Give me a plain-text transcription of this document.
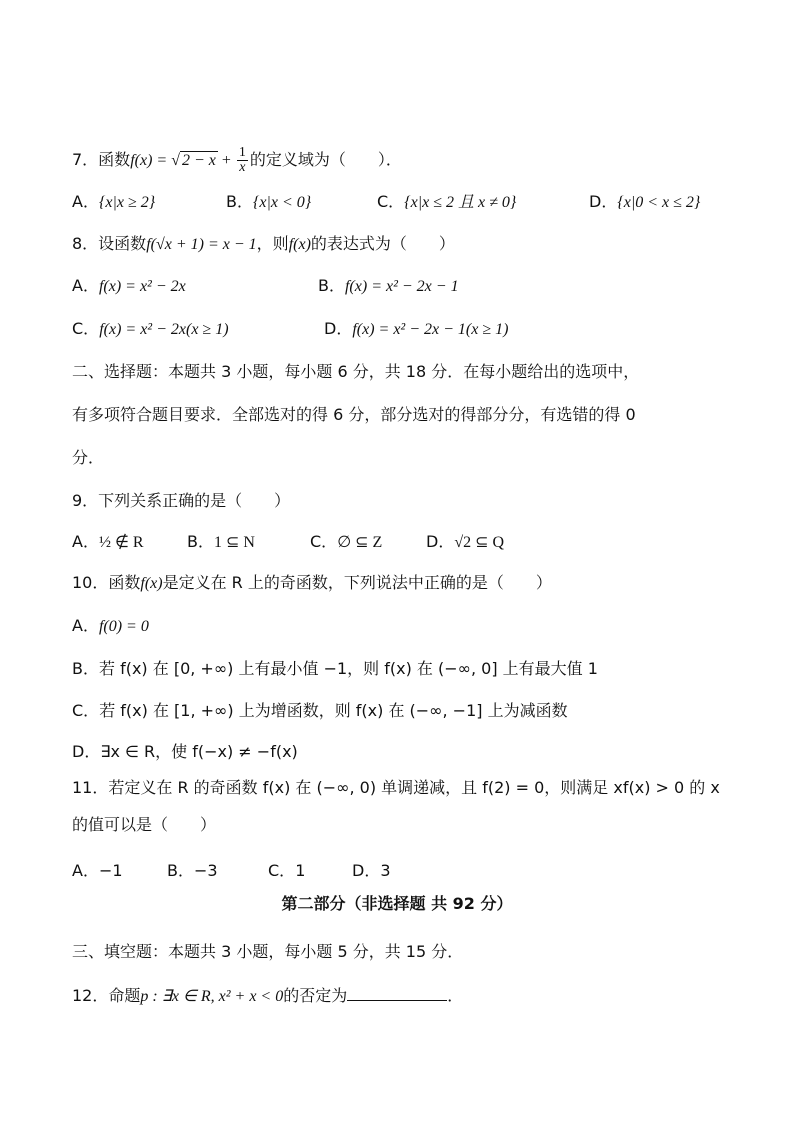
7．函数f(x) = √ $2 - x + \frac{1}{x}$ 的定义域为（　　）．
A．{x|x ≥ 2}	B．{x|x < 0}	C．{x|x ≤ 2 且 x ≠ 0}	D．{x|0 < x ≤ 2}
8．设函数f(√x + 1) = x − 1，则f(x)的表达式为（　　）
A．f(x) = x² − 2x	B．f(x) = x² − 2x − 1
C．f(x) = x² − 2x(x ≥ 1)	D．f(x) = x² − 2x − 1(x ≥ 1)
二、选择题：本题共 3 小题，每小题 6 分，共 18 分．在每小题给出的选项中，
有多项符合题目要求．全部选对的得 6 分，部分选对的得部分分，有选错的得 0
分．
9．下列关系正确的是（　　）
A．½ ∉ R	B．1 ⊆ N	C．∅ ⊆ Z	D．√2 ⊆ Q
10．函数f(x)是定义在 R 上的奇函数，下列说法中正确的是（　　）
A．f(0) = 0
B．若 f(x) 在 [0, +∞) 上有最小值 −1，则 f(x) 在 (−∞, 0] 上有最大值 1
C．若 f(x) 在 [1, +∞) 上为增函数，则 f(x) 在 (−∞, −1] 上为减函数
D．∃x ∈ R，使 f(−x) ≠ −f(x)
11．若定义在 R 的奇函数 f(x) 在 (−∞, 0) 单调递减，且 f(2) = 0，则满足 xf(x) > 0 的 x
的值可以是（　　）
A．−1	B．−3	C．1	D．3
第二部分（非选择题 共 92 分）
三、填空题：本题共 3 小题，每小题 5 分，共 15 分．
12．命题p : ∃x ∈ R, x² + x < 0的否定为	．
